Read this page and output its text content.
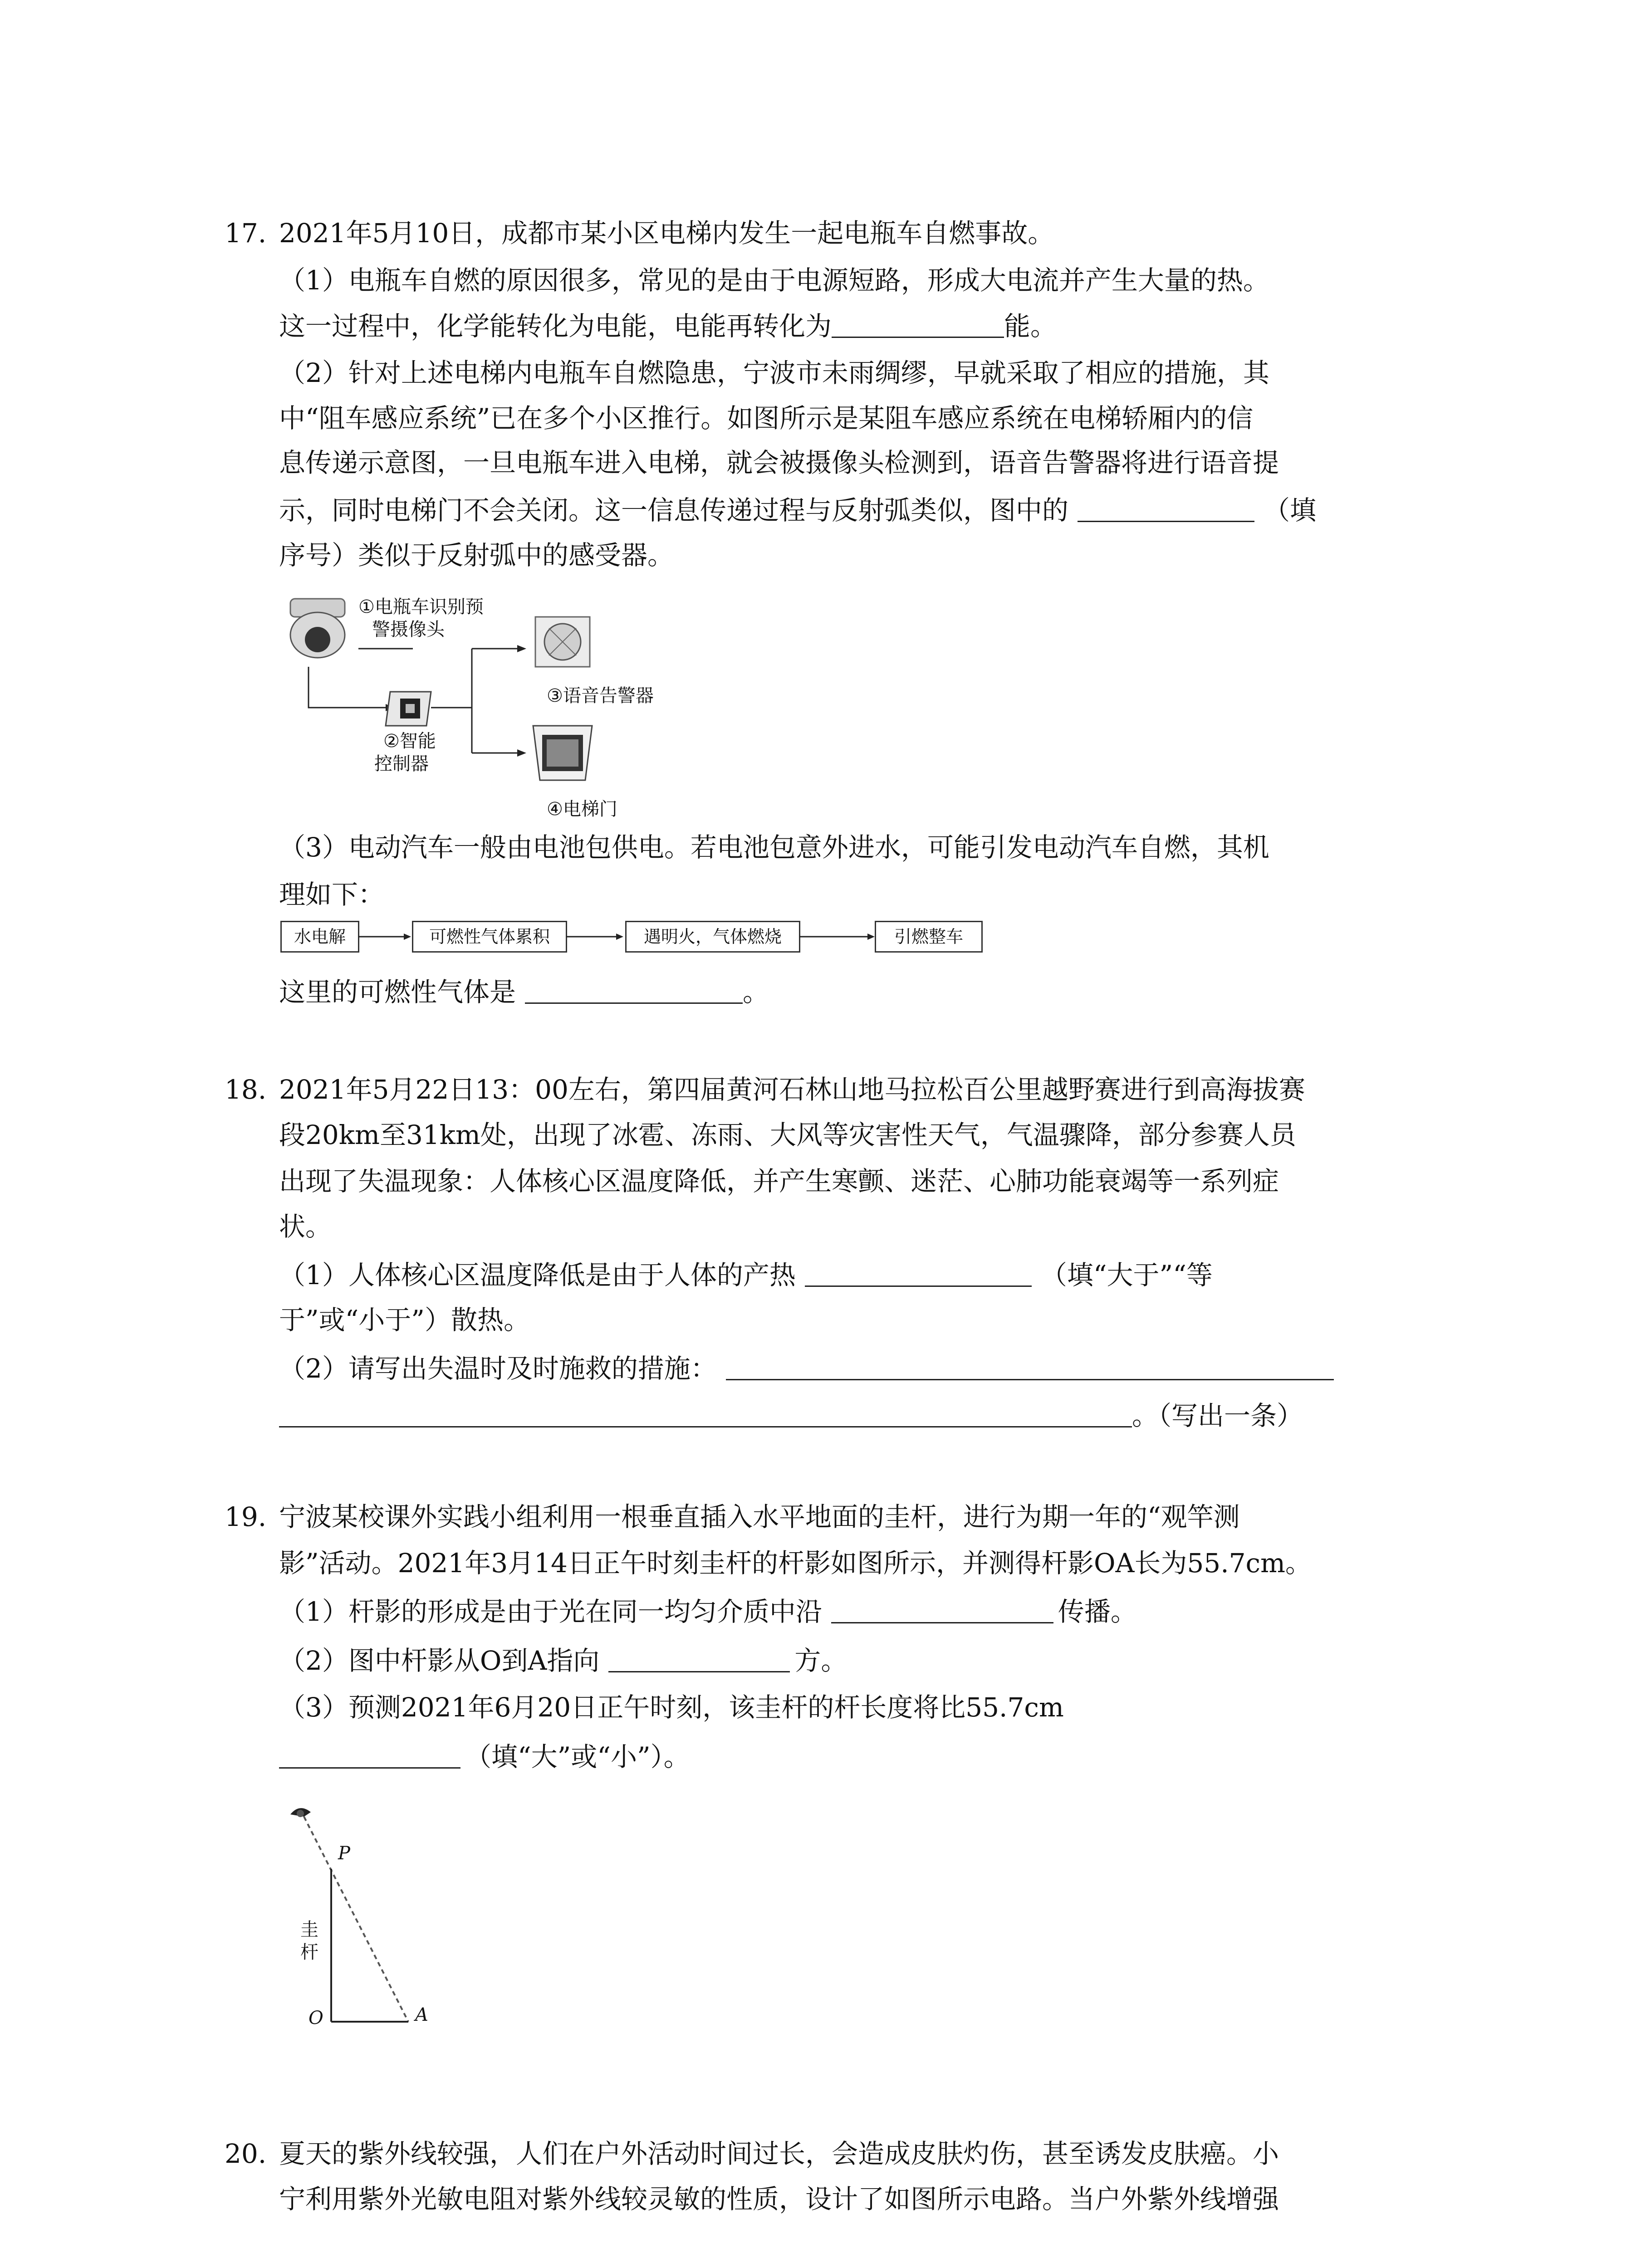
17. 2021年5月10日，成都市某小区电梯内发生一起电瓶车自燃事故。
（1）电瓶车自燃的原因很多，常见的是由于电源短路，形成大电流并产生大量的热。
这一过程中，化学能转化为电能，电能再转化为	能。
（2）针对上述电梯内电瓶车自燃隐患，宁波市未雨绸缪，早就采取了相应的措施，其
中“阻车感应系统”已在多个小区推行。如图所示是某阻车感应系统在电梯轿厢内的信
息传递示意图，一旦电瓶车进入电梯，就会被摄像头检测到，语音告警器将进行语音提
示，同时电梯门不会关闭。这一信息传递过程与反射弧类似，图中的	（填
序号）类似于反射弧中的感受器。
①电瓶车识别预
警摄像头
②智能
控制器
③语音告警器
④电梯门
（3）电动汽车一般由电池包供电。若电池包意外进水，可能引发电动汽车自燃，其机
理如下：
水电解	可燃性气体累积	遇明火，气体燃烧	引燃整车
这里的可燃性气体是	。
18. 2021年5月22日13：00左右，第四届黄河石林山地马拉松百公里越野赛进行到高海拔赛
段20km至31km处，出现了冰雹、冻雨、大风等灾害性天气，气温骤降，部分参赛人员
出现了失温现象：人体核心区温度降低，并产生寒颤、迷茫、心肺功能衰竭等一系列症
状。
（1）人体核心区温度降低是由于人体的产热	（填“大于”“等
于”或“小于”）散热。
（2）请写出失温时及时施救的措施：
。（写出一条）
19. 宁波某校课外实践小组利用一根垂直插入水平地面的圭杆，进行为期一年的“观竿测
影”活动。2021年3月14日正午时刻圭杆的杆影如图所示，并测得杆影OA长为55.7cm。
（1）杆影的形成是由于光在同一均匀介质中沿	传播。
（2）图中杆影从O到A指向	方。
（3）预测2021年6月20日正午时刻，该圭杆的杆长度将比55.7cm
（填“大”或“小”）。
P
圭
杆
O	A
20. 夏天的紫外线较强，人们在户外活动时间过长，会造成皮肤灼伤，甚至诱发皮肤癌。小
宁利用紫外光敏电阻对紫外线较灵敏的性质，设计了如图所示电路。当户外紫外线增强
